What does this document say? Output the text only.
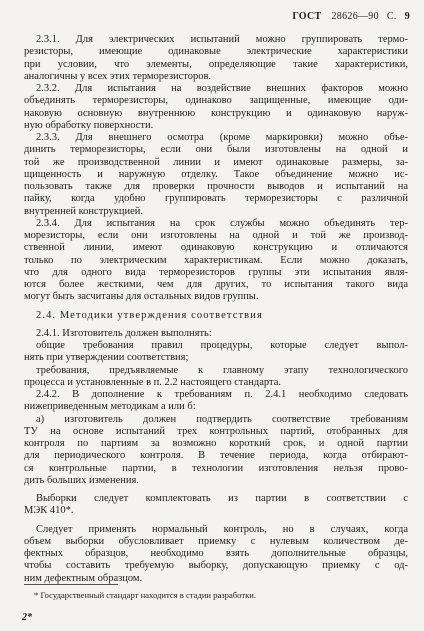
ГОСТ 28626—90 С. 9
2.3.1. Для электрических испытаний можно группировать термо-
резисторы, имеющие одинаковые электрические характеристики
при условии, что элементы, определяющие такие характеристики,
аналогичны у всех этих терморезисторов.
2.3.2. Для испытания на воздействие внешних факторов можно
объединять терморезисторы, одинаково защищенные, имеющие оди-
наковую основную внутреннюю конструкцию и одинаковую наруж-
ную обработку поверхности.
2.3.3. Для внешнего осмотра (кроме маркировки) можно объе-
динить терморезисторы, если они были изготовлены на одной и
той же производственной линии и имеют одинаковые размеры, за-
щищенность и наружную отделку. Такое объединение можно ис-
пользовать также для проверки прочности выводов и испытаний на
пайку, когда удобно группировать терморезисторы с различной
внутренней конструкцией.
2.3.4. Для испытания на срок службы можно объединять тер-
морезисторы, если они изготовлены на одной и той же производ-
ственной линии, имеют одинаковую конструкцию и отличаются
только по электрическим характеристикам. Если можно доказать,
что для одного вида терморезисторов группы эти испытания явля-
ются более жесткими, чем для других, то испытания такого вида
могут быть засчитаны для остальных видов группы.
2.4. Методики утверждения соответствия
2.4.1. Изготовитель должен выполнять:
общие требования правил процедуры, которые следует выпол-
нять при утверждении соответствия;
требования, предъявляемые к главному этапу технологического
процесса и установленные в п. 2.2 настоящего стандарта.
2.4.2. В дополнение к требованиям п. 2.4.1 необходимо следовать
нижеприведенным методикам а или б:
а) изготовитель должен подтвердить соответствие требованиям
ТУ на основе испытаний трех контрольных партий, отобранных для
контроля по партиям за возможно короткий срок, и одной партии
для периодического контроля. В течение периода, когда отбирают-
ся контрольные партии, в технологии изготовления нельзя прово-
дить больших изменения.
Выборки следует комплектовать из партии в соответствии с
МЭК 410*.
Следует применять нормальный контроль, но в случаях, когда
объем выборки обусловливает приемку с нулевым количеством де-
фектных образцов, необходимо взять дополнительные образцы,
чтобы составить требуемую выборку, допускающую приемку с од-
ним дефектным образцом.
* Государственный стандарт находится в стадии разработки.
2*
